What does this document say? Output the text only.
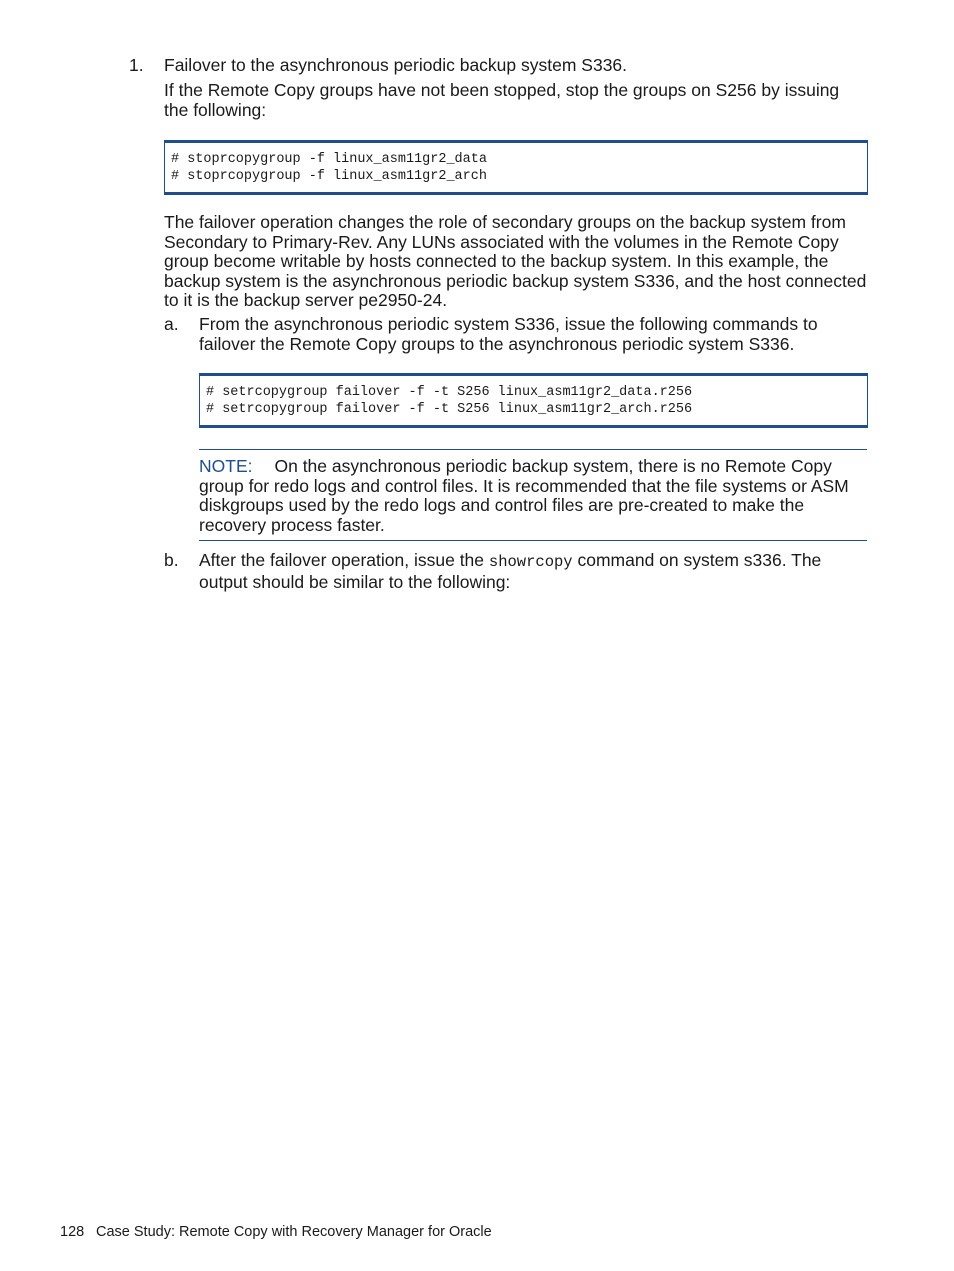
1. Failover to the asynchronous periodic backup system S336.
If the Remote Copy groups have not been stopped, stop the groups on S256 by issuing the following:
# stoprcopygroup -f linux_asm11gr2_data
# stoprcopygroup -f linux_asm11gr2_arch
The failover operation changes the role of secondary groups on the backup system from Secondary to Primary-Rev. Any LUNs associated with the volumes in the Remote Copy group become writable by hosts connected to the backup system. In this example, the backup system is the asynchronous periodic backup system S336, and the host connected to it is the backup server pe2950-24.
a. From the asynchronous periodic system S336, issue the following commands to failover the Remote Copy groups to the asynchronous periodic system S336.
# setrcopygroup failover -f -t S256 linux_asm11gr2_data.r256
# setrcopygroup failover -f -t S256 linux_asm11gr2_arch.r256
NOTE: On the asynchronous periodic backup system, there is no Remote Copy group for redo logs and control files. It is recommended that the file systems or ASM diskgroups used by the redo logs and control files are pre-created to make the recovery process faster.
b. After the failover operation, issue the showrcopy command on system s336. The output should be similar to the following:
128 Case Study: Remote Copy with Recovery Manager for Oracle
